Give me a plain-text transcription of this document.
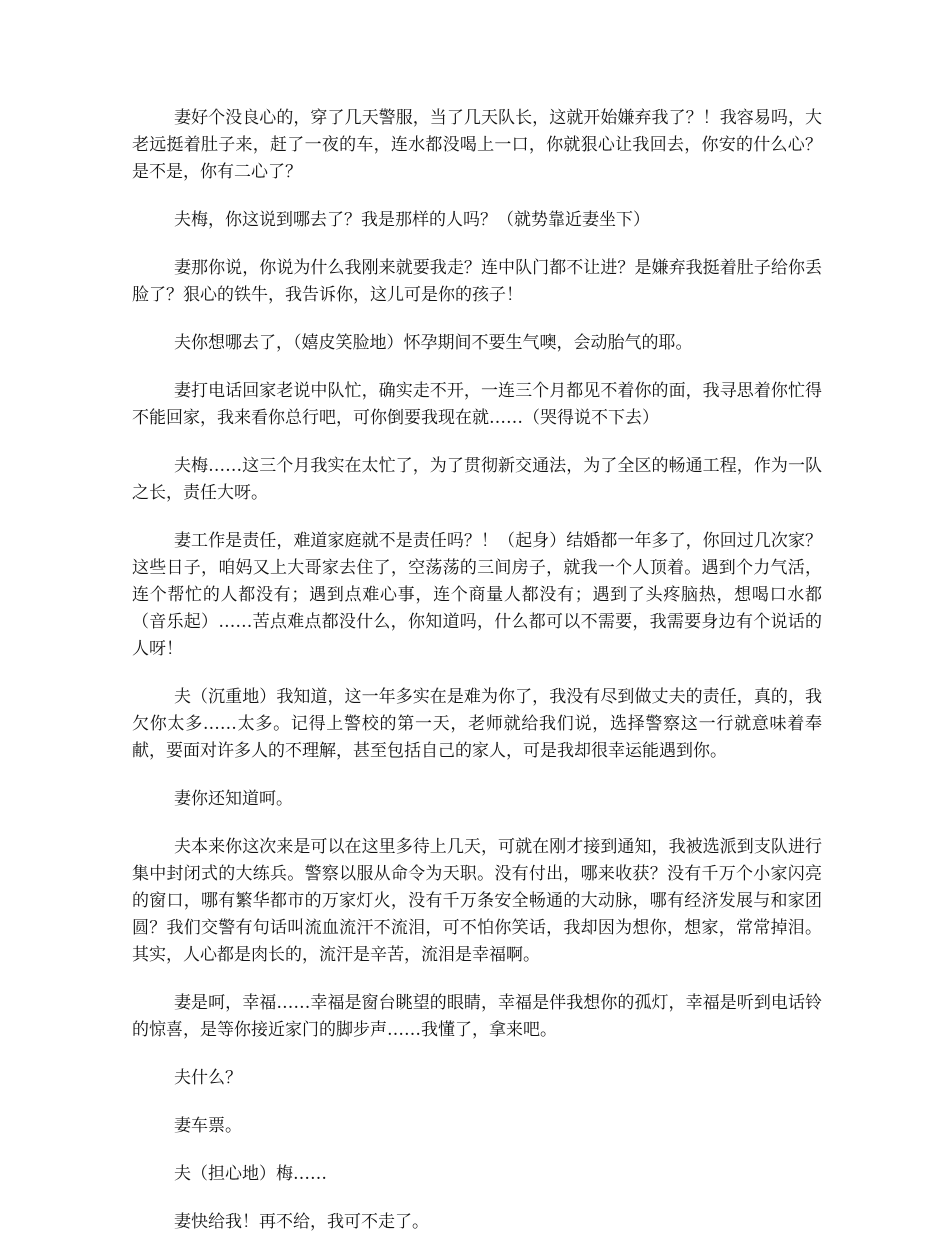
妻好个没良心的，穿了几天警服，当了几天队长，这就开始嫌弃我了？！我容易吗，大老远挺着肚子来，赶了一夜的车，连水都没喝上一口，你就狠心让我回去，你安的什么心？是不是，你有二心了？

夫梅，你这说到哪去了？我是那样的人吗？（就势靠近妻坐下）

妻那你说，你说为什么我刚来就要我走？连中队门都不让进？是嫌弃我挺着肚子给你丢脸了？狠心的铁牛，我告诉你，这儿可是你的孩子！

夫你想哪去了，（嬉皮笑脸地）怀孕期间不要生气噢，会动胎气的耶。

妻打电话回家老说中队忙，确实走不开，一连三个月都见不着你的面，我寻思着你忙得不能回家，我来看你总行吧，可你倒要我现在就……（哭得说不下去）

夫梅……这三个月我实在太忙了，为了贯彻新交通法，为了全区的畅通工程，作为一队之长，责任大呀。

妻工作是责任，难道家庭就不是责任吗？！（起身）结婚都一年多了，你回过几次家？这些日子，咱妈又上大哥家去住了，空荡荡的三间房子，就我一个人顶着。遇到个力气活，连个帮忙的人都没有；遇到点难心事，连个商量人都没有；遇到了头疼脑热，想喝口水都（音乐起）……苦点难点都没什么，你知道吗，什么都可以不需要，我需要身边有个说话的人呀！

夫（沉重地）我知道，这一年多实在是难为你了，我没有尽到做丈夫的责任，真的，我欠你太多……太多。记得上警校的第一天，老师就给我们说，选择警察这一行就意味着奉献，要面对许多人的不理解，甚至包括自己的家人，可是我却很幸运能遇到你。

妻你还知道呵。

夫本来你这次来是可以在这里多待上几天，可就在刚才接到通知，我被选派到支队进行集中封闭式的大练兵。警察以服从命令为天职。没有付出，哪来收获？没有千万个小家闪亮的窗口，哪有繁华都市的万家灯火，没有千万条安全畅通的大动脉，哪有经济发展与和家团圆？我们交警有句话叫流血流汗不流泪，可不怕你笑话，我却因为想你，想家，常常掉泪。其实，人心都是肉长的，流汗是辛苦，流泪是幸福啊。

妻是呵，幸福……幸福是窗台眺望的眼睛，幸福是伴我想你的孤灯，幸福是听到电话铃的惊喜，是等你接近家门的脚步声……我懂了，拿来吧。

夫什么？

妻车票。

夫（担心地）梅……

妻快给我！再不给，我可不走了。
